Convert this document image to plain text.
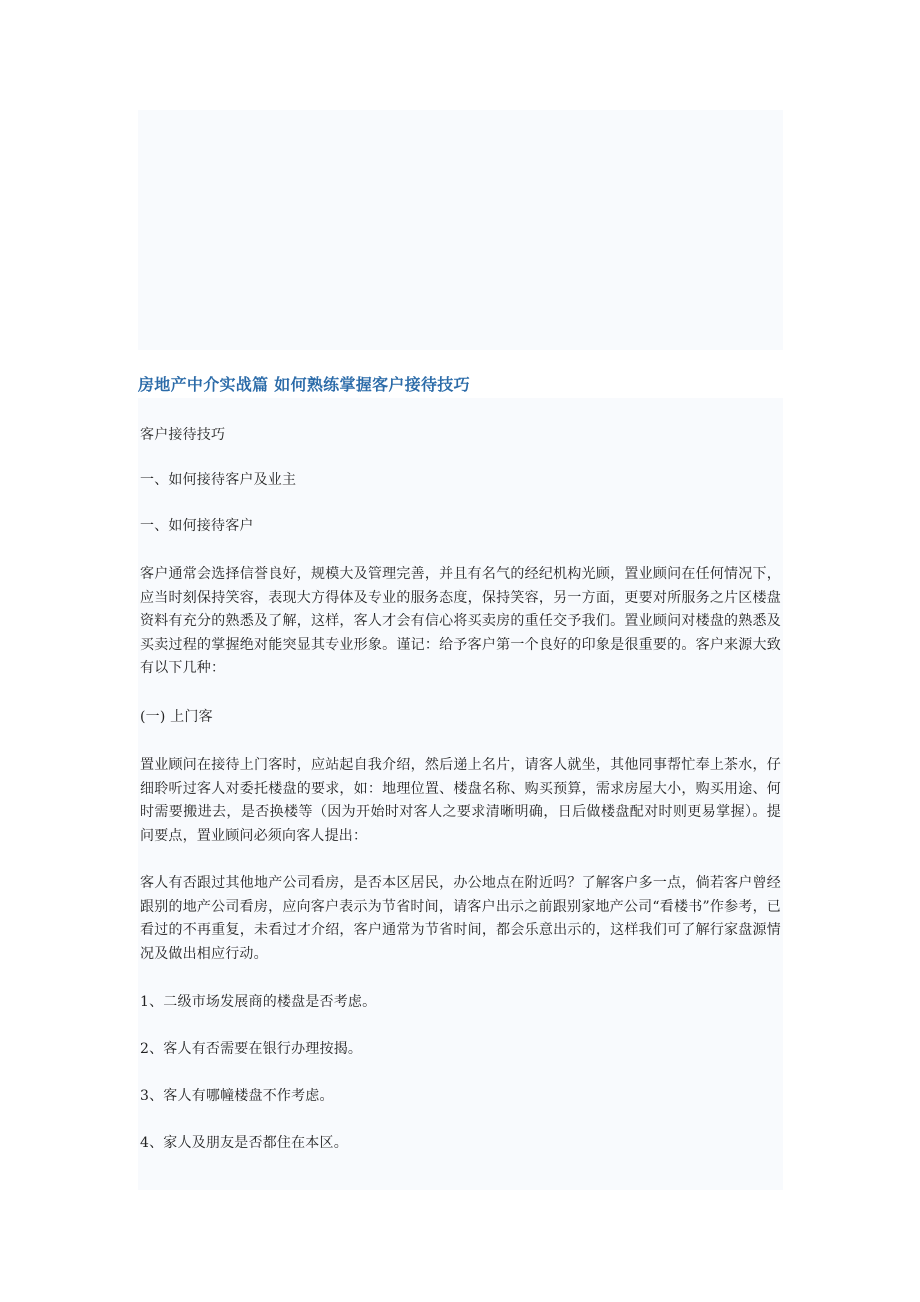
房地产中介实战篇 如何熟练掌握客户接待技巧

客户接待技巧

一、如何接待客户及业主

一、如何接待客户

客户通常会选择信誉良好，规模大及管理完善，并且有名气的经纪机构光顾，置业顾问在任何情况下，应当时刻保持笑容，表现大方得体及专业的服务态度，保持笑容，另一方面，更要对所服务之片区楼盘资料有充分的熟悉及了解，这样，客人才会有信心将买卖房的重任交予我们。置业顾问对楼盘的熟悉及买卖过程的掌握绝对能突显其专业形象。谨记：给予客户第一个良好的印象是很重要的。客户来源大致有以下几种：

(一) 上门客

置业顾问在接待上门客时，应站起自我介绍，然后递上名片，请客人就坐，其他同事帮忙奉上茶水，仔细聆听过客人对委托楼盘的要求，如：地理位置、楼盘名称、购买预算，需求房屋大小，购买用途、何时需要搬进去，是否换楼等（因为开始时对客人之要求清晰明确，日后做楼盘配对时则更易掌握）。提问要点，置业顾问必须向客人提出：

客人有否跟过其他地产公司看房，是否本区居民，办公地点在附近吗？了解客户多一点，倘若客户曾经跟别的地产公司看房，应向客户表示为节省时间，请客户出示之前跟别家地产公司“看楼书”作参考，已看过的不再重复，未看过才介绍，客户通常为节省时间，都会乐意出示的，这样我们可了解行家盘源情况及做出相应行动。

1、二级市场发展商的楼盘是否考虑。

2、客人有否需要在银行办理按揭。

3、客人有哪幢楼盘不作考虑。

4、家人及朋友是否都住在本区。
